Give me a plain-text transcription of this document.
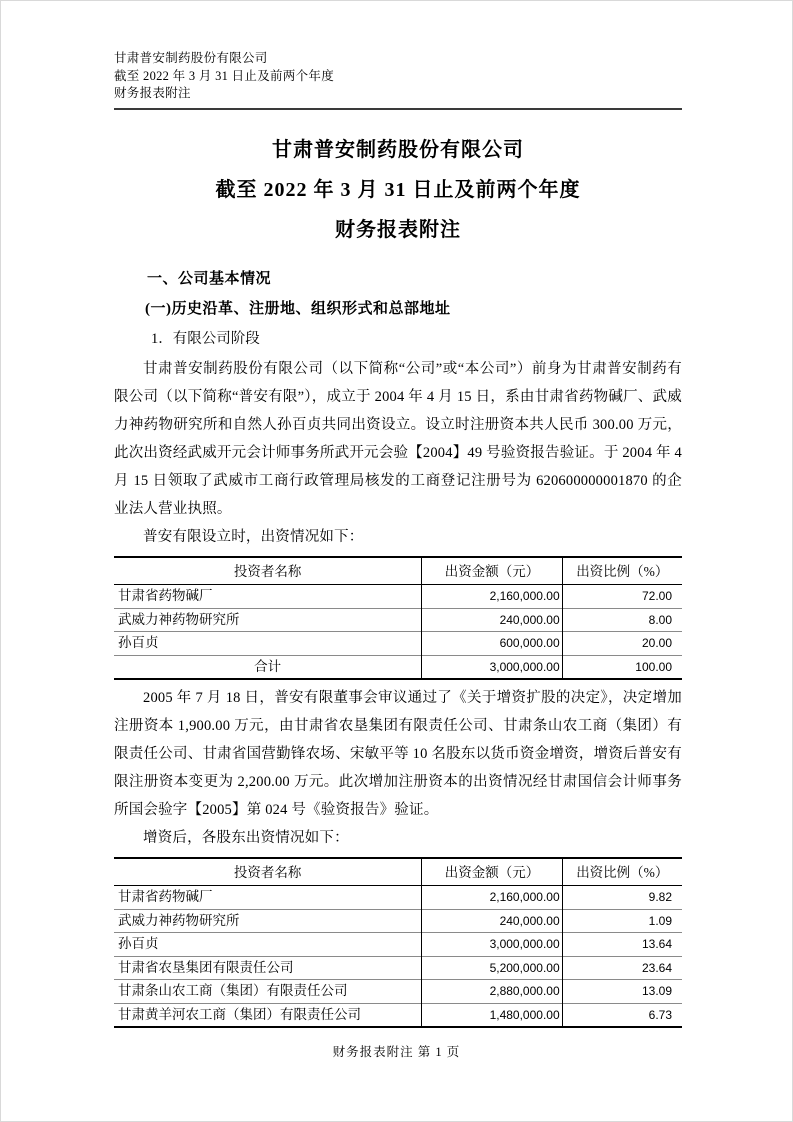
甘肃普安制药股份有限公司
截至 2022 年 3 月 31 日止及前两个年度
财务报表附注
甘肃普安制药股份有限公司
截至 2022 年 3 月 31 日止及前两个年度
财务报表附注
一、公司基本情况
(一)历史沿革、注册地、组织形式和总部地址
1．有限公司阶段

甘肃普安制药股份有限公司（以下简称“公司”或“本公司”）前身为甘肃普安制药有限公司（以下简称“普安有限”），成立于 2004 年 4 月 15 日，系由甘肃省药物碱厂、武威力神药物研究所和自然人孙百贞共同出资设立。设立时注册资本共人民币 300.00 万元，此次出资经武威开元会计师事务所武开元会验【2004】49 号验资报告验证。于 2004 年 4 月 15 日领取了武威市工商行政管理局核发的工商登记注册号为 620600000001870 的企业法人营业执照。

普安有限设立时，出资情况如下：

投资者名称	出资金额（元）	出资比例（%）
甘肃省药物碱厂	2,160,000.00	72.00
武威力神药物研究所	240,000.00	8.00
孙百贞	600,000.00	20.00
合计	3,000,000.00	100.00

2005 年 7 月 18 日，普安有限董事会审议通过了《关于增资扩股的决定》，决定增加注册资本 1,900.00 万元，由甘肃省农垦集团有限责任公司、甘肃条山农工商（集团）有限责任公司、甘肃省国营勤锋农场、宋敏平等 10 名股东以货币资金增资，增资后普安有限注册资本变更为 2,200.00 万元。此次增加注册资本的出资情况经甘肃国信会计师事务所国会验字【2005】第 024 号《验资报告》验证。

增资后，各股东出资情况如下：

投资者名称	出资金额（元）	出资比例（%）
甘肃省药物碱厂	2,160,000.00	9.82
武威力神药物研究所	240,000.00	1.09
孙百贞	3,000,000.00	13.64
甘肃省农垦集团有限责任公司	5,200,000.00	23.64
甘肃条山农工商（集团）有限责任公司	2,880,000.00	13.09
甘肃黄羊河农工商（集团）有限责任公司	1,480,000.00	6.73
财务报表附注 第 1 页
